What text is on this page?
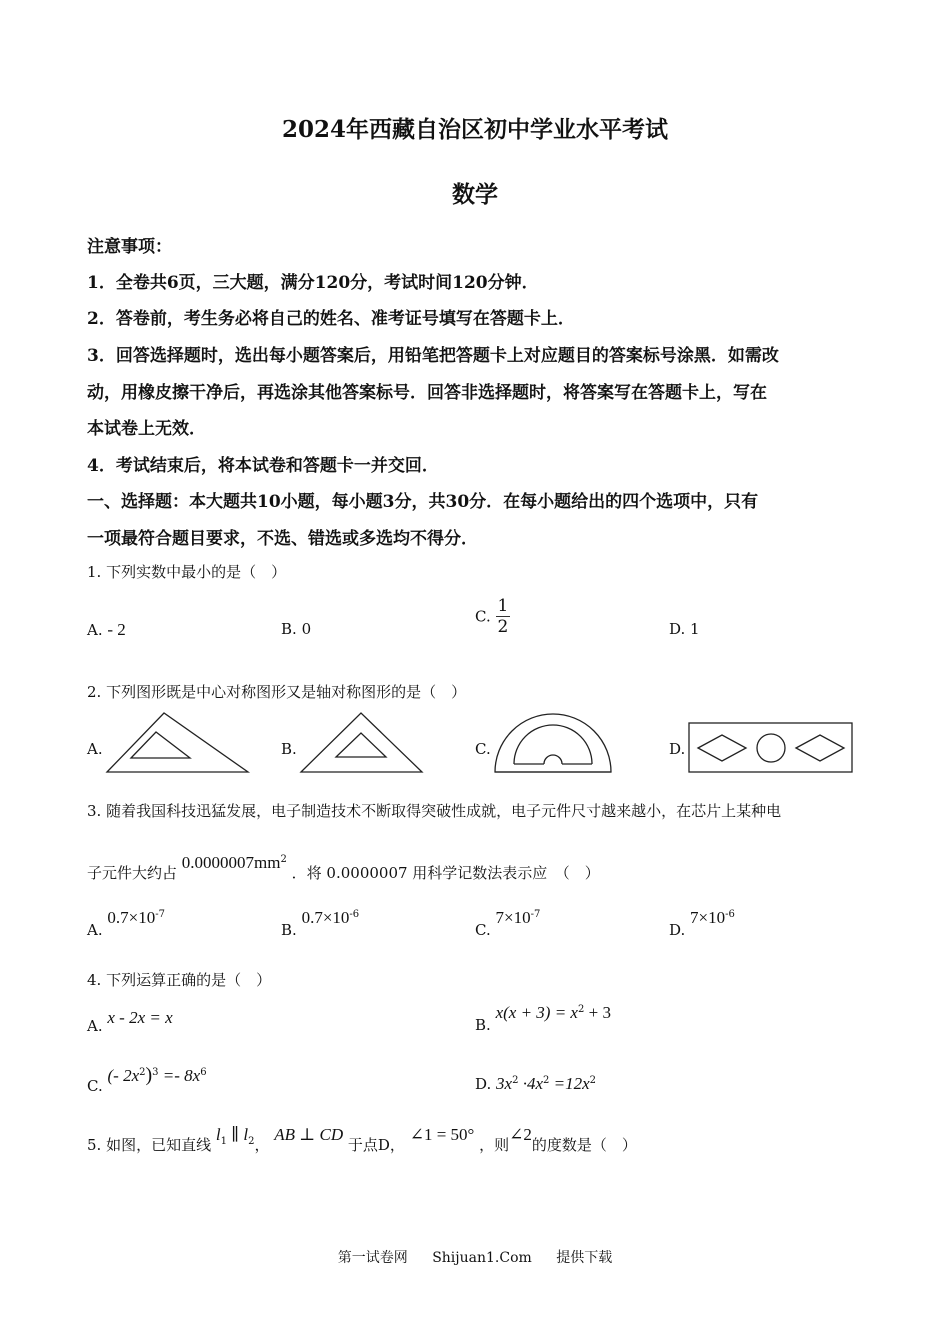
2024年西藏自治区初中学业水平考试
数学
注意事项：
1．全卷共6页，三大题，满分120分，考试时间120分钟．
2．答卷前，考生务必将自己的姓名、准考证号填写在答题卡上．
3．回答选择题时，选出每小题答案后，用铅笔把答题卡上对应题目的答案标号涂黑．如需改
动，用橡皮擦干净后，再选涂其他答案标号．回答非选择题时，将答案写在答题卡上，写在
本试卷上无效．
4．考试结束后，将本试卷和答题卡一并交回．
一、选择题：本大题共10小题，每小题3分，共30分．在每小题给出的四个选项中，只有
一项最符合题目要求，不选、错选或多选均不得分．
1. 下列实数中最小的是（　）
A. - 2	B. 0
C. $\frac{1}{2}$	D. 1
2. 下列图形既是中心对称图形又是轴对称图形的是（　）
A.	B.	C.	D.
3. 随着我国科技迅猛发展，电子制造技术不断取得突破性成就，电子元件尺寸越来越小，在芯片上某种电
子元件大约占 $0.0000007mm^2$ ．将 0.0000007 用科学记数法表示应　（　）
A. $0.7\times 10^{-7}$
B. $0.7\times 10^{-6}$
C. $7\times 10^{-7}$
D. $7\times 10^{-6}$
4. 下列运算正确的是（　）
A. x - 2x = x	B. $x(x + 3) = x^2 + 3$
C. (- $2x^2)^3 =- 8x^6$
D. $3x^2 \cdot 4x^2 =12x^2$
5. 如图，已知直线 $l_1$ ∥ $l_2$， AB ⊥ CD 于点D， ∠1 = 50° ，则∠2的度数是（　）
第一试卷网 Shijuan1.Com 提供下载
